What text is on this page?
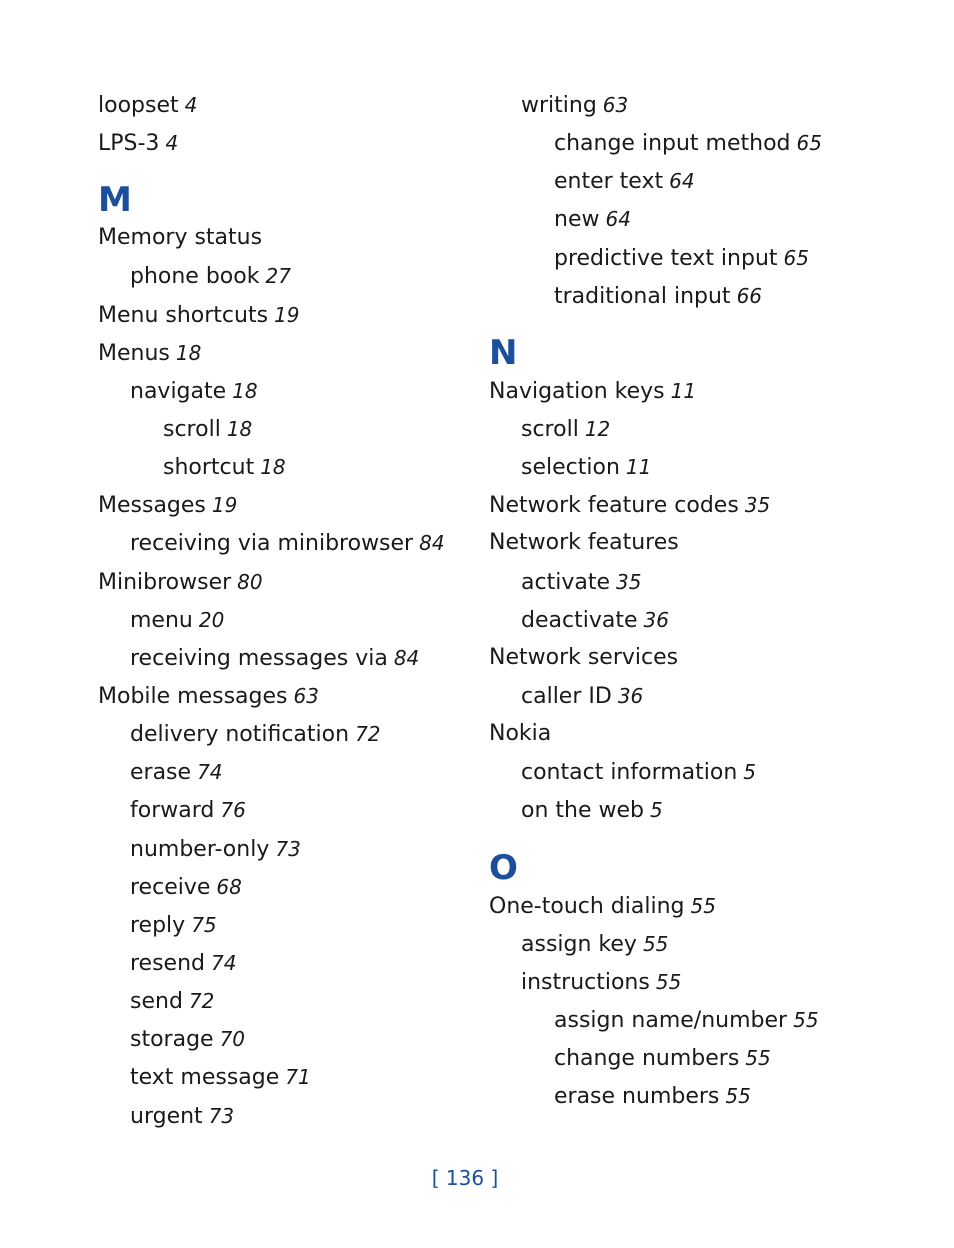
loopset 4
LPS-3 4
M
Memory status
phone book 27
Menu shortcuts 19
Menus 18
navigate 18
scroll 18
shortcut 18
Messages 19
receiving via minibrowser 84
Minibrowser 80
menu 20
receiving messages via 84
Mobile messages 63
delivery notification 72
erase 74
forward 76
number-only 73
receive 68
reply 75
resend 74
send 72
storage 70
text message 71
urgent 73
writing 63
change input method 65
enter text 64
new 64
predictive text input 65
traditional input 66
N
Navigation keys 11
scroll 12
selection 11
Network feature codes 35
Network features
activate 35
deactivate 36
Network services
caller ID 36
Nokia
contact information 5
on the web 5
O
One-touch dialing 55
assign key 55
instructions 55
assign name/number 55
change numbers 55
erase numbers 55
[ 136 ]
